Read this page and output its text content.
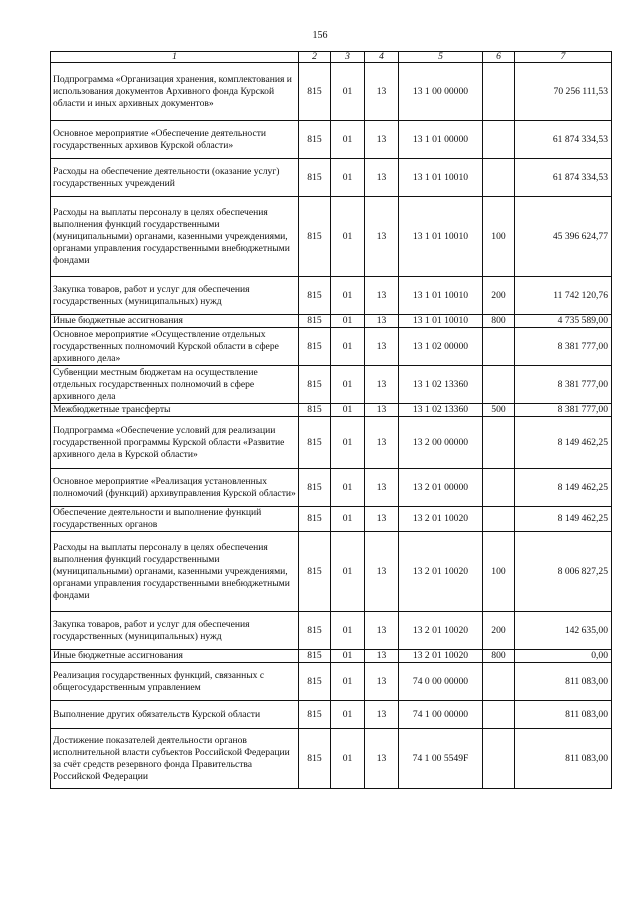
156
1	2	3	4	5	6	7
Подпрограмма «Организация хранения, комплектования и использования документов Архивного фонда Курской области и иных архивных документов»	815	01	13	13 1 00 00000		70 256 111,53
Основное мероприятие «Обеспечение деятельности государственных архивов Курской области»	815	01	13	13 1 01 00000		61 874 334,53
Расходы на обеспечение деятельности (оказание услуг) государственных учреждений	815	01	13	13 1 01 10010		61 874 334,53
Расходы на выплаты персоналу в целях обеспечения выполнения функций государственными (муниципальными) органами, казенными учреждениями, органами управления государственными внебюджетными фондами	815	01	13	13 1 01 10010	100	45 396 624,77
Закупка товаров, работ и услуг для обеспечения государственных (муниципальных) нужд	815	01	13	13 1 01 10010	200	11 742 120,76
Иные бюджетные ассигнования	815	01	13	13 1 01 10010	800	4 735 589,00
Основное мероприятие «Осуществление отдельных государственных полномочий Курской области в сфере архивного дела»	815	01	13	13 1 02 00000		8 381 777,00
Субвенции местным бюджетам на осуществление отдельных государственных полномочий в сфере архивного дела	815	01	13	13 1 02 13360		8 381 777,00
Межбюджетные трансферты	815	01	13	13 1 02 13360	500	8 381 777,00
Подпрограмма «Обеспечение условий для реализации государственной программы Курской области «Развитие архивного дела в Курской области»	815	01	13	13 2 00 00000		8 149 462,25
Основное мероприятие «Реализация установленных полномочий (функций) архивуправления Курской области»	815	01	13	13 2 01 00000		8 149 462,25
Обеспечение деятельности и выполнение функций государственных органов	815	01	13	13 2 01 10020		8 149 462,25
Расходы на выплаты персоналу в целях обеспечения выполнения функций государственными (муниципальными) органами, казенными учреждениями, органами управления государственными внебюджетными фондами	815	01	13	13 2 01 10020	100	8 006 827,25
Закупка товаров, работ и услуг для обеспечения государственных (муниципальных) нужд	815	01	13	13 2 01 10020	200	142 635,00
Иные бюджетные ассигнования	815	01	13	13 2 01 10020	800	0,00
Реализация государственных функций, связанных с общегосударственным управлением	815	01	13	74 0 00 00000		811 083,00
Выполнение других обязательств Курской области	815	01	13	74 1 00 00000		811 083,00
Достижение показателей деятельности органов исполнительной власти субъектов Российской Федерации за счёт средств резервного фонда Правительства Российской Федерации	815	01	13	74 1 00 5549F		811 083,00
